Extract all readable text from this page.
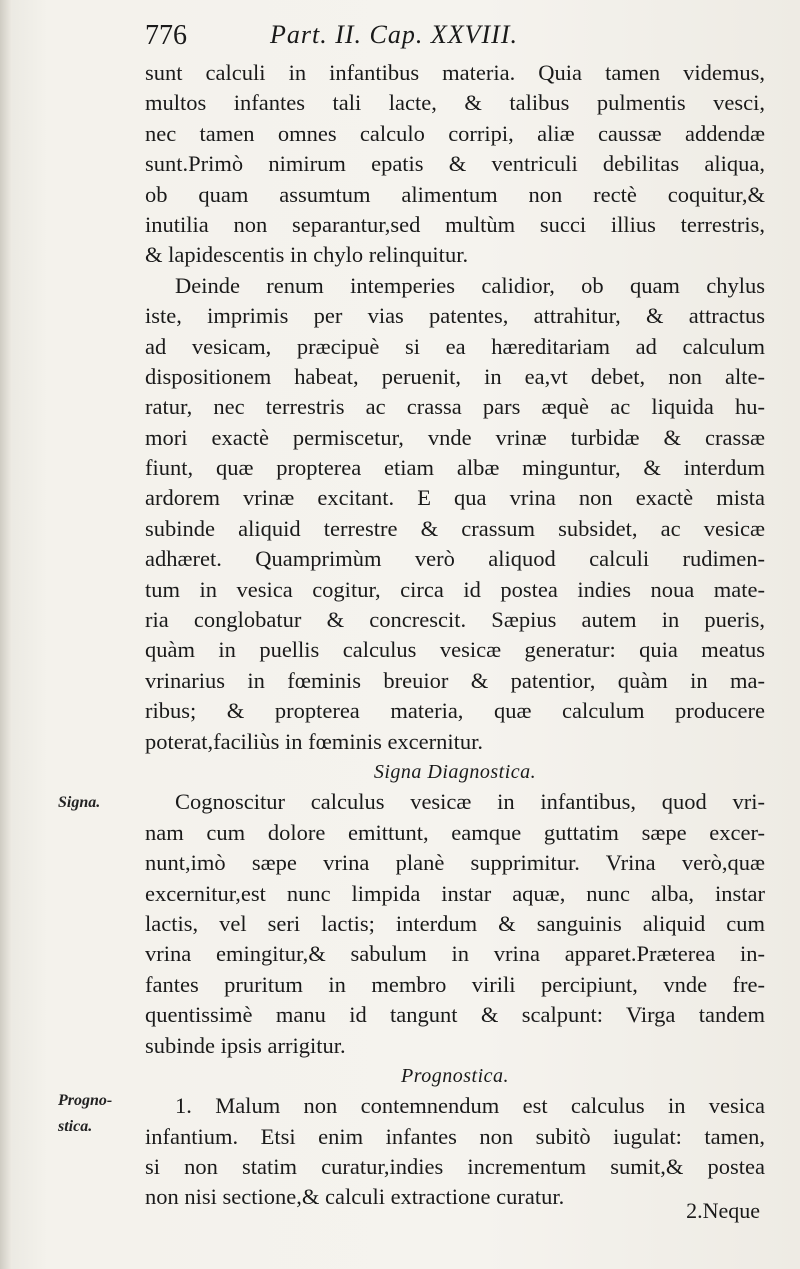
776	Part. II. Cap. XXVIII.
sunt calculi in infantibus materia. Quia tamen videmus,
multos infantes tali lacte, & talibus pulmentis vesci,
nec tamen omnes calculo corripi, aliæ caussæ addendæ
sunt.Primò nimirum epatis & ventriculi debilitas aliqua,
ob quam assumtum alimentum non rectè coquitur,&
inutilia non separantur,sed multùm succi illius terrestris,
& lapidescentis in chylo relinquitur.
Deinde renum intemperies calidior, ob quam chylus
iste, imprimis per vias patentes, attrahitur, & attractus
ad vesicam, præcipuè si ea hæreditariam ad calculum
dispositionem habeat, peruenit, in ea,vt debet, non alte-
ratur, nec terrestris ac crassa pars æquè ac liquida hu-
mori exactè permiscetur, vnde vrinæ turbidæ & crassæ
fiunt, quæ propterea etiam albæ minguntur, & interdum
ardorem vrinæ excitant. E qua vrina non exactè mista
subinde aliquid terrestre & crassum subsidet, ac vesicæ
adhæret. Quamprimùm verò aliquod calculi rudimen-
tum in vesica cogitur, circa id postea indies noua mate-
ria conglobatur & concrescit. Sæpius autem in pueris,
quàm in puellis calculus vesicæ generatur: quia meatus
vrinarius in fœminis breuior & patentior, quàm in ma-
ribus; & propterea materia, quæ calculum producere
poterat,faciliùs in fœminis excernitur.
Signa Diagnostica.
Cognoscitur calculus vesicæ in infantibus, quod vri-
nam cum dolore emittunt, eamque guttatim sæpe excer-
nunt,imò sæpe vrina planè supprimitur. Vrina verò,quæ
excernitur,est nunc limpida instar aquæ, nunc alba, instar
lactis, vel seri lactis; interdum & sanguinis aliquid cum
vrina emingitur,& sabulum in vrina apparet.Præterea in-
fantes pruritum in membro virili percipiunt, vnde fre-
quentissimè manu id tangunt & scalpunt: Virga tandem
subinde ipsis arrigitur.
Prognostica.
1. Malum non contemnendum est calculus in vesica
infantium. Etsi enim infantes non subitò iugulat: tamen,
si non statim curatur,indies incrementum sumit,& postea
non nisi sectione,& calculi extractione curatur.
Signa.
Progno-
stica.
2.Neque
